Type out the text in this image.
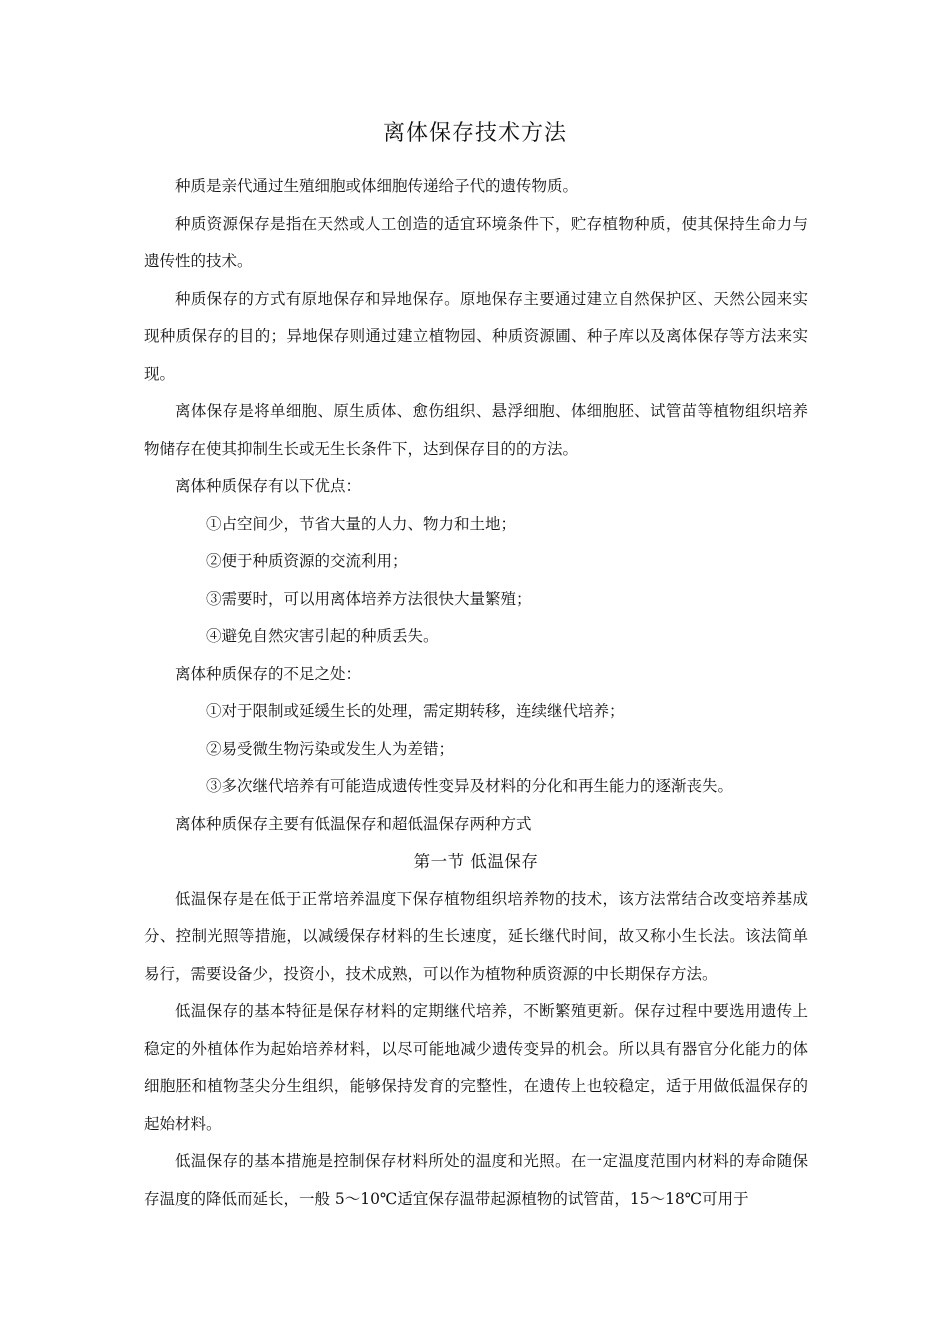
离体保存技术方法

种质是亲代通过生殖细胞或体细胞传递给子代的遗传物质。

种质资源保存是指在天然或人工创造的适宜环境条件下，贮存植物种质，使其保持生命力与遗传性的技术。

种质保存的方式有原地保存和异地保存。原地保存主要通过建立自然保护区、天然公园来实现种质保存的目的；异地保存则通过建立植物园、种质资源圃、种子库以及离体保存等方法来实现。

离体保存是将单细胞、原生质体、愈伤组织、悬浮细胞、体细胞胚、试管苗等植物组织培养物储存在使其抑制生长或无生长条件下，达到保存目的的方法。

离体种质保存有以下优点：

①占空间少，节省大量的人力、物力和土地；

②便于种质资源的交流利用；

③需要时，可以用离体培养方法很快大量繁殖；

④避免自然灾害引起的种质丢失。

离体种质保存的不足之处：

①对于限制或延缓生长的处理，需定期转移，连续继代培养；

②易受微生物污染或发生人为差错；

③多次继代培养有可能造成遗传性变异及材料的分化和再生能力的逐渐丧失。

离体种质保存主要有低温保存和超低温保存两种方式

第一节 低温保存

低温保存是在低于正常培养温度下保存植物组织培养物的技术，该方法常结合改变培养基成分、控制光照等措施，以减缓保存材料的生长速度，延长继代时间，故又称小生长法。该法简单易行，需要设备少，投资小，技术成熟，可以作为植物种质资源的中长期保存方法。

低温保存的基本特征是保存材料的定期继代培养，不断繁殖更新。保存过程中要选用遗传上稳定的外植体作为起始培养材料，以尽可能地减少遗传变异的机会。所以具有器官分化能力的体细胞胚和植物茎尖分生组织，能够保持发育的完整性，在遗传上也较稳定，适于用做低温保存的起始材料。

低温保存的基本措施是控制保存材料所处的温度和光照。在一定温度范围内材料的寿命随保存温度的降低而延长，一般 5～10℃适宜保存温带起源植物的试管苗，15～18℃可用于
